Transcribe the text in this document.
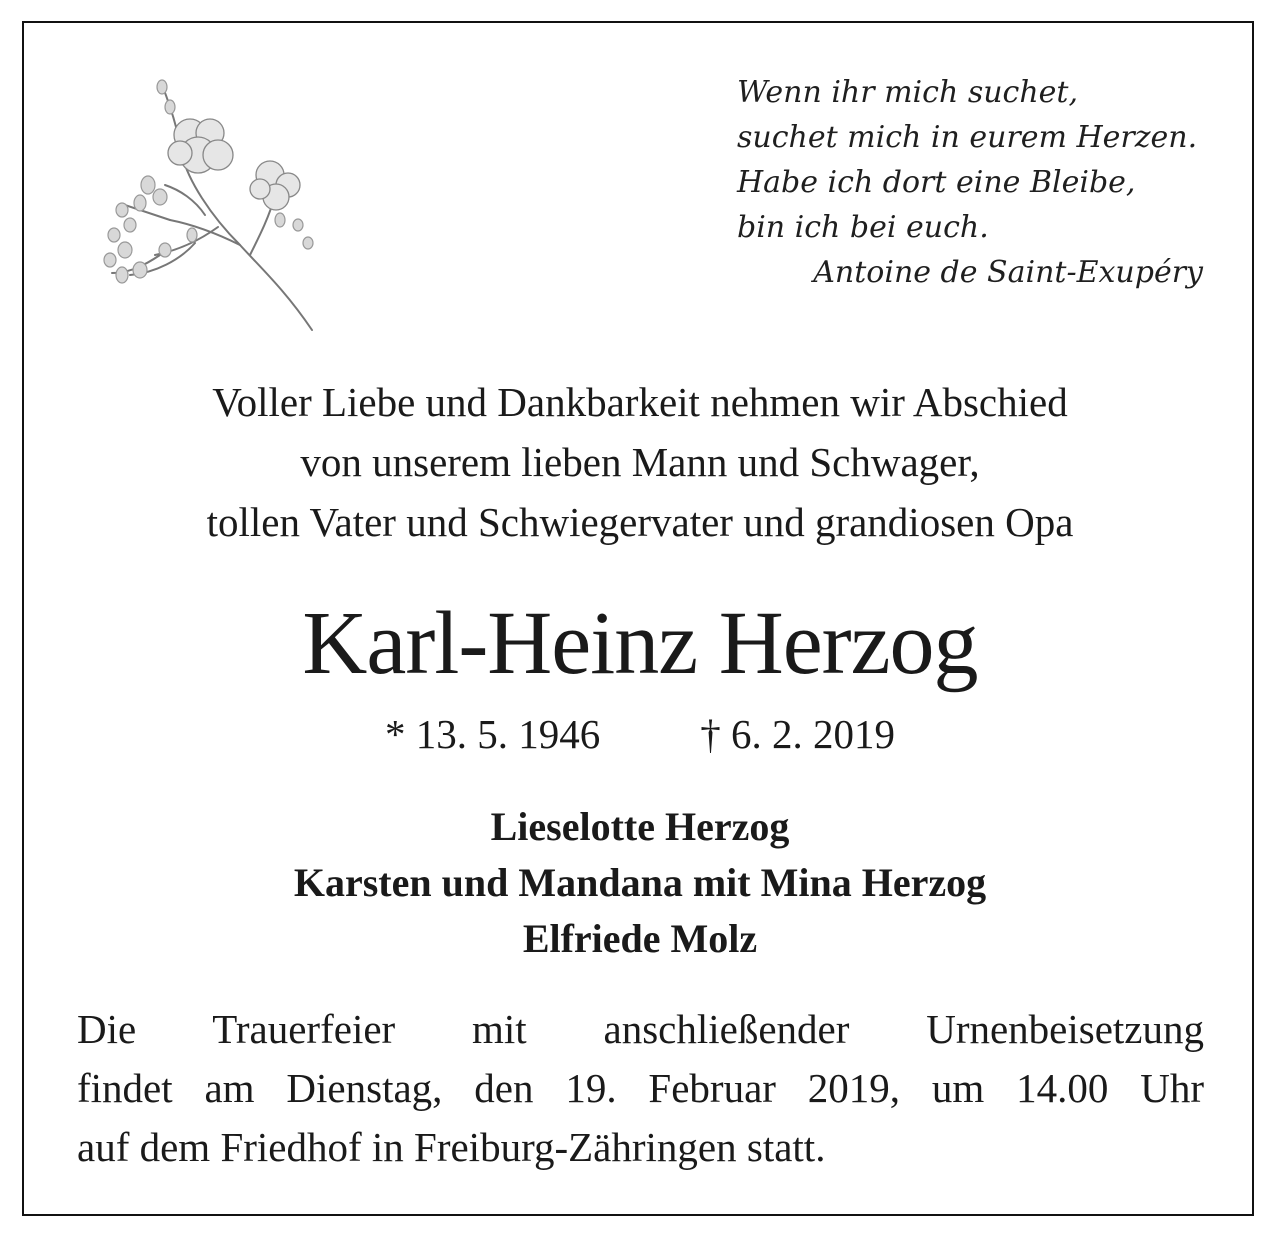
Wenn ihr mich suchet,
suchet mich in eurem Herzen.
Habe ich dort eine Bleibe,
bin ich bei euch.
Antoine de Saint-Exupéry
Voller Liebe und Dankbarkeit nehmen wir Abschied
von unserem lieben Mann und Schwager,
tollen Vater und Schwiegervater und grandiosen Opa
Karl-Heinz Herzog
* 13. 5. 1946 † 6. 2. 2019
Lieselotte Herzog
Karsten und Mandana mit Mina Herzog
Elfriede Molz
Die Trauerfeier mit anschließender Urnenbeisetzung
findet am Dienstag, den 19. Februar 2019, um 14.00 Uhr
auf dem Friedhof in Freiburg-Zähringen statt.
